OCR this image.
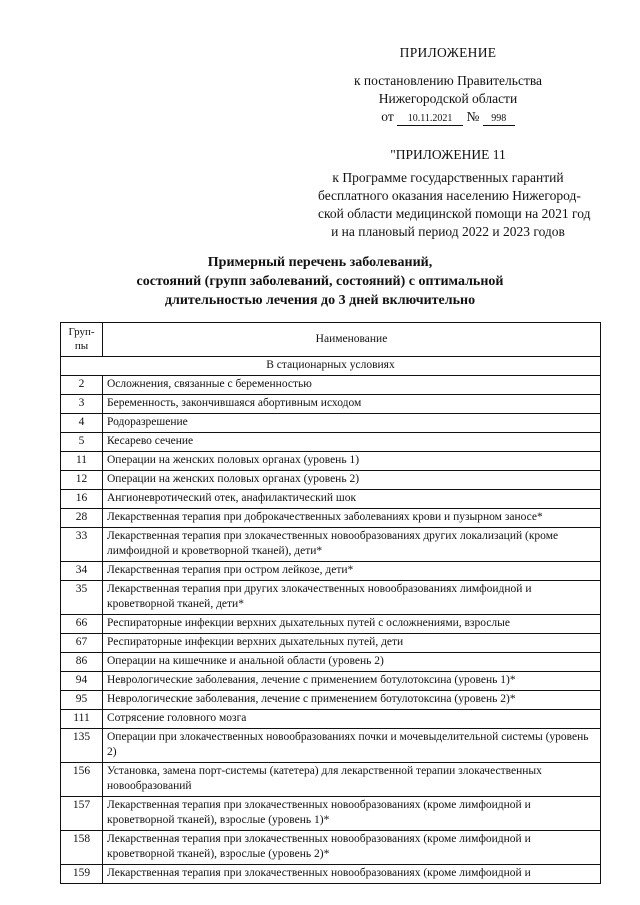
ПРИЛОЖЕНИЕ
к постановлению Правительства
Нижегородской области
от 10.11.2021 № 998
"ПРИЛОЖЕНИЕ 11
к Программе государственных гарантий
бесплатного оказания населению Нижегород-
ской области медицинской помощи на 2021 год
и на плановый период 2022 и 2023 годов
Примерный перечень заболеваний,
состояний (групп заболеваний, состояний) с оптимальной
длительностью лечения до 3 дней включительно
Груп-
пы	Наименование
В стационарных условиях	
2	Осложнения, связанные с беременностью
3	Беременность, закончившаяся абортивным исходом
4	Родоразрешение
5	Кесарево сечение
11	Операции на женских половых органах (уровень 1)
12	Операции на женских половых органах (уровень 2)
16	Ангионевротический отек, анафилактический шок
28	Лекарственная терапия при доброкачественных заболеваниях крови и пузырном заносе*
33	Лекарственная терапия при злокачественных новообразованиях других локализаций (кроме лимфоидной и кроветворной тканей), дети*
34	Лекарственная терапия при остром лейкозе, дети*
35	Лекарственная терапия при других злокачественных новообразованиях лимфоидной и кроветворной тканей, дети*
66	Респираторные инфекции верхних дыхательных путей с осложнениями, взрослые
67	Респираторные инфекции верхних дыхательных путей, дети
86	Операции на кишечнике и анальной области (уровень 2)
94	Неврологические заболевания, лечение с применением ботулотоксина (уровень 1)*
95	Неврологические заболевания, лечение с применением ботулотоксина (уровень 2)*
111	Сотрясение головного мозга
135	Операции при злокачественных новообразованиях почки и мочевыделительной системы (уровень 2)
156	Установка, замена порт-системы (катетера) для лекарственной терапии злокачественных новообразований
157	Лекарственная терапия при злокачественных новообразованиях (кроме лимфоидной и кроветворной тканей), взрослые (уровень 1)*
158	Лекарственная терапия при злокачественных новообразованиях (кроме лимфоидной и кроветворной тканей), взрослые (уровень 2)*
159	Лекарственная терапия при злокачественных новообразованиях (кроме лимфоидной и
